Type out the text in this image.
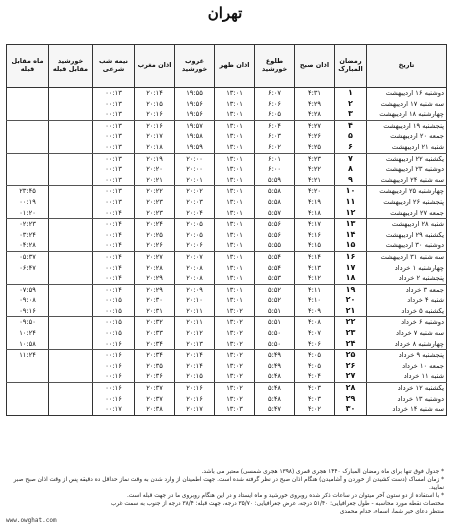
تهران
تاریخ	رمضان المبارک	اذان صبح	طلوع خورشید	اذان ظهر	غروب خورشید	اذان مغرب	نیمه شب شرعی	خورشید مقابل قبله	ماه مقابل قبله
دوشنبه ۱۶ اردیبهشت	۱	۴:۳۱	۶:۰۷	۱۳:۰۱	۱۹:۵۵	۲۰:۱۴	۰۰:۱۳		
سه شنبه ۱۷ اردیبهشت	۲	۴:۲۹	۶:۰۶	۱۳:۰۱	۱۹:۵۶	۲۰:۱۵	۰۰:۱۳		
چهارشنبه ۱۸ اردیبهشت	۳	۴:۲۸	۶:۰۵	۱۳:۰۱	۱۹:۵۶	۲۰:۱۶	۰۰:۱۳		
پنجشنبه ۱۹ اردیبهشت	۴	۴:۲۷	۶:۰۴	۱۳:۰۱	۱۹:۵۷	۲۰:۱۶	۰۰:۱۳		
جمعه ۲۰ اردیبهشت	۵	۴:۲۶	۶:۰۳	۱۳:۰۱	۱۹:۵۸	۲۰:۱۷	۰۰:۱۳		
شنبه ۲۱ اردیبهشت	۶	۴:۲۵	۶:۰۲	۱۳:۰۱	۱۹:۵۹	۲۰:۱۸	۰۰:۱۳		
یکشنبه ۲۲ اردیبهشت	۷	۴:۲۳	۶:۰۱	۱۳:۰۱	۲۰:۰۰	۲۰:۱۹	۰۰:۱۳		
دوشنبه ۲۳ اردیبهشت	۸	۴:۲۲	۶:۰۰	۱۳:۰۱	۲۰:۰۰	۲۰:۲۰	۰۰:۱۳		
سه شنبه ۲۴ اردیبهشت	۹	۴:۲۱	۵:۵۹	۱۳:۰۱	۲۰:۰۱	۲۰:۲۱	۰۰:۱۳		
چهارشنبه ۲۵ اردیبهشت	۱۰	۴:۲۰	۵:۵۸	۱۳:۰۱	۲۰:۰۲	۲۰:۲۲	۰۰:۱۳		۲۳:۴۵
پنجشنبه ۲۶ اردیبهشت	۱۱	۴:۱۹	۵:۵۸	۱۳:۰۱	۲۰:۰۳	۲۰:۲۳	۰۰:۱۳		۰۰:۱۹
جمعه ۲۷ اردیبهشت	۱۲	۴:۱۸	۵:۵۷	۱۳:۰۱	۲۰:۰۴	۲۰:۲۳	۰۰:۱۴		۰۱:۲۰
شنبه ۲۸ اردیبهشت	۱۳	۴:۱۷	۵:۵۶	۱۳:۰۱	۲۰:۰۵	۲۰:۲۴	۰۰:۱۴		۰۲:۲۳
یکشنبه ۲۹ اردیبهشت	۱۴	۴:۱۶	۵:۵۶	۱۳:۰۱	۲۰:۰۵	۲۰:۲۵	۰۰:۱۴		۰۳:۲۴
دوشنبه ۳۰ اردیبهشت	۱۵	۴:۱۵	۵:۵۵	۱۳:۰۱	۲۰:۰۶	۲۰:۲۶	۰۰:۱۴		۰۴:۲۸
سه شنبه ۳۱ اردیبهشت	۱۶	۴:۱۴	۵:۵۴	۱۳:۰۱	۲۰:۰۷	۲۰:۲۷	۰۰:۱۴		۰۵:۳۷
چهارشنبه ۱ خرداد	۱۷	۴:۱۳	۵:۵۴	۱۳:۰۱	۲۰:۰۸	۲۰:۲۸	۰۰:۱۴		۰۶:۴۷
پنجشنبه ۲ خرداد	۱۸	۴:۱۲	۵:۵۳	۱۳:۰۱	۲۰:۰۸	۲۰:۲۹	۰۰:۱۴		
جمعه ۳ خرداد	۱۹	۴:۱۱	۵:۵۲	۱۳:۰۱	۲۰:۰۹	۲۰:۲۹	۰۰:۱۴		۰۷:۵۹
شنبه ۴ خرداد	۲۰	۴:۱۰	۵:۵۲	۱۳:۰۱	۲۰:۱۰	۲۰:۳۰	۰۰:۱۵		۰۹:۰۸
یکشنبه ۵ خرداد	۲۱	۴:۰۹	۵:۵۱	۱۳:۰۲	۲۰:۱۱	۲۰:۳۱	۰۰:۱۵		۰۹:۱۶
دوشنبه ۶ خرداد	۲۲	۴:۰۸	۵:۵۱	۱۳:۰۲	۲۰:۱۱	۲۰:۳۲	۰۰:۱۵		۰۹:۵۰
سه شنبه ۷ خرداد	۲۳	۴:۰۷	۵:۵۰	۱۳:۰۲	۲۰:۱۲	۲۰:۳۳	۰۰:۱۵		۱۰:۲۴
چهارشنبه ۸ خرداد	۲۴	۴:۰۶	۵:۵۰	۱۳:۰۲	۲۰:۱۳	۲۰:۳۴	۰۰:۱۶		۱۰:۵۸
پنجشنبه ۹ خرداد	۲۵	۴:۰۵	۵:۴۹	۱۳:۰۲	۲۰:۱۴	۲۰:۳۴	۰۰:۱۶		۱۱:۲۴
جمعه ۱۰ خرداد	۲۶	۴:۰۵	۵:۴۹	۱۳:۰۲	۲۰:۱۴	۲۰:۳۵	۰۰:۱۶		
شنبه ۱۱ خرداد	۲۷	۴:۰۴	۵:۴۸	۱۳:۰۲	۲۰:۱۵	۲۰:۳۶	۰۰:۱۶		
یکشنبه ۱۲ خرداد	۲۸	۴:۰۳	۵:۴۸	۱۳:۰۲	۲۰:۱۶	۲۰:۳۷	۰۰:۱۶		
دوشنبه ۱۳ خرداد	۲۹	۴:۰۳	۵:۴۸	۱۳:۰۲	۲۰:۱۶	۲۰:۳۷	۰۰:۱۶		
سه شنبه ۱۴ خرداد	۳۰	۴:۰۲	۵:۴۷	۱۳:۰۳	۲۰:۱۷	۲۰:۳۸	۰۰:۱۷		

* جدول فوق تنها برای ماه رمضان المبارک ۱۴۴۰ هجری قمری (۱۳۹۸ هجری شمسی) معتبر می باشد.

* زمان امساک (دست کشیدن از خوردن و آشامیدن) هنگام اذان صبح در نظر گرفته شده است. جهت اطمینان از وارد شدن به وقت نماز حداقل ده دقیقه پس از وقت اذان صبح صبر نمایید.

* با استفاده از دو ستون آخر میتوان در ساعات ذکر شده روبروی خورشید و ماه ایستاد و در این هنگام روبروی ما در جهت قبله است.

مختصات نقطه مورد محاسبه - طول جغرافیایی: ۵۱/۴۰ درجه، عرض جغرافیایی: ۳۵/۷۰ درجه، جهت قبله: ۳۸/۴ درجه از جنوب به سمت غرب

منتظر دعای خیر شما، اسماء، خدام محمدی

www.owghat.com
